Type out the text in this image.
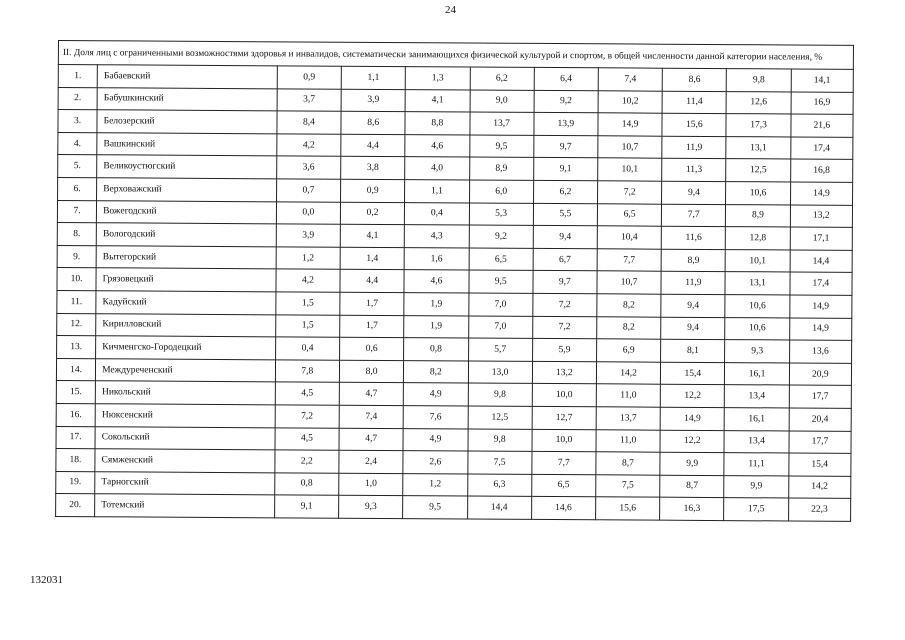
24
II. Доля лиц с ограниченными возможностями здоровья и инвалидов, систематически занимающихся физической культурой и спортом, в общей численности данной категории населения, %										
1.	Бабаевский	0,9	1,1	1,3	6,2	6,4	7,4	8,6	9,8	14,1
2.	Бабушкинский	3,7	3,9	4,1	9,0	9,2	10,2	11,4	12,6	16,9
3.	Белозерский	8,4	8,6	8,8	13,7	13,9	14,9	15,6	17,3	21,6
4.	Вашкинский	4,2	4,4	4,6	9,5	9,7	10,7	11,9	13,1	17,4
5.	Великоустюгский	3,6	3,8	4,0	8,9	9,1	10,1	11,3	12,5	16,8
6.	Верховажский	0,7	0,9	1,1	6,0	6,2	7,2	9,4	10,6	14,9
7.	Вожегодский	0,0	0,2	0,4	5,3	5,5	6,5	7,7	8,9	13,2
8.	Вологодский	3,9	4,1	4,3	9,2	9,4	10,4	11,6	12,8	17,1
9.	Вытегорский	1,2	1,4	1,6	6,5	6,7	7,7	8,9	10,1	14,4
10.	Грязовецкий	4,2	4,4	4,6	9,5	9,7	10,7	11,9	13,1	17,4
11.	Кадуйский	1,5	1,7	1,9	7,0	7,2	8,2	9,4	10,6	14,9
12.	Кирилловский	1,5	1,7	1,9	7,0	7,2	8,2	9,4	10,6	14,9
13.	Кичменгско-Городецкий	0,4	0,6	0,8	5,7	5,9	6,9	8,1	9,3	13,6
14.	Междуреченский	7,8	8,0	8,2	13,0	13,2	14,2	15,4	16,1	20,9
15.	Никольский	4,5	4,7	4,9	9,8	10,0	11,0	12,2	13,4	17,7
16.	Нюксенский	7,2	7,4	7,6	12,5	12,7	13,7	14,9	16,1	20,4
17.	Сокольский	4,5	4,7	4,9	9,8	10,0	11,0	12,2	13,4	17,7
18.	Сямженский	2,2	2,4	2,6	7,5	7,7	8,7	9,9	11,1	15,4
19.	Тарногский	0,8	1,0	1,2	6,3	6,5	7,5	8,7	9,9	14,2
20.	Тотемский	9,1	9,3	9,5	14,4	14,6	15,6	16,3	17,5	22,3
132031
